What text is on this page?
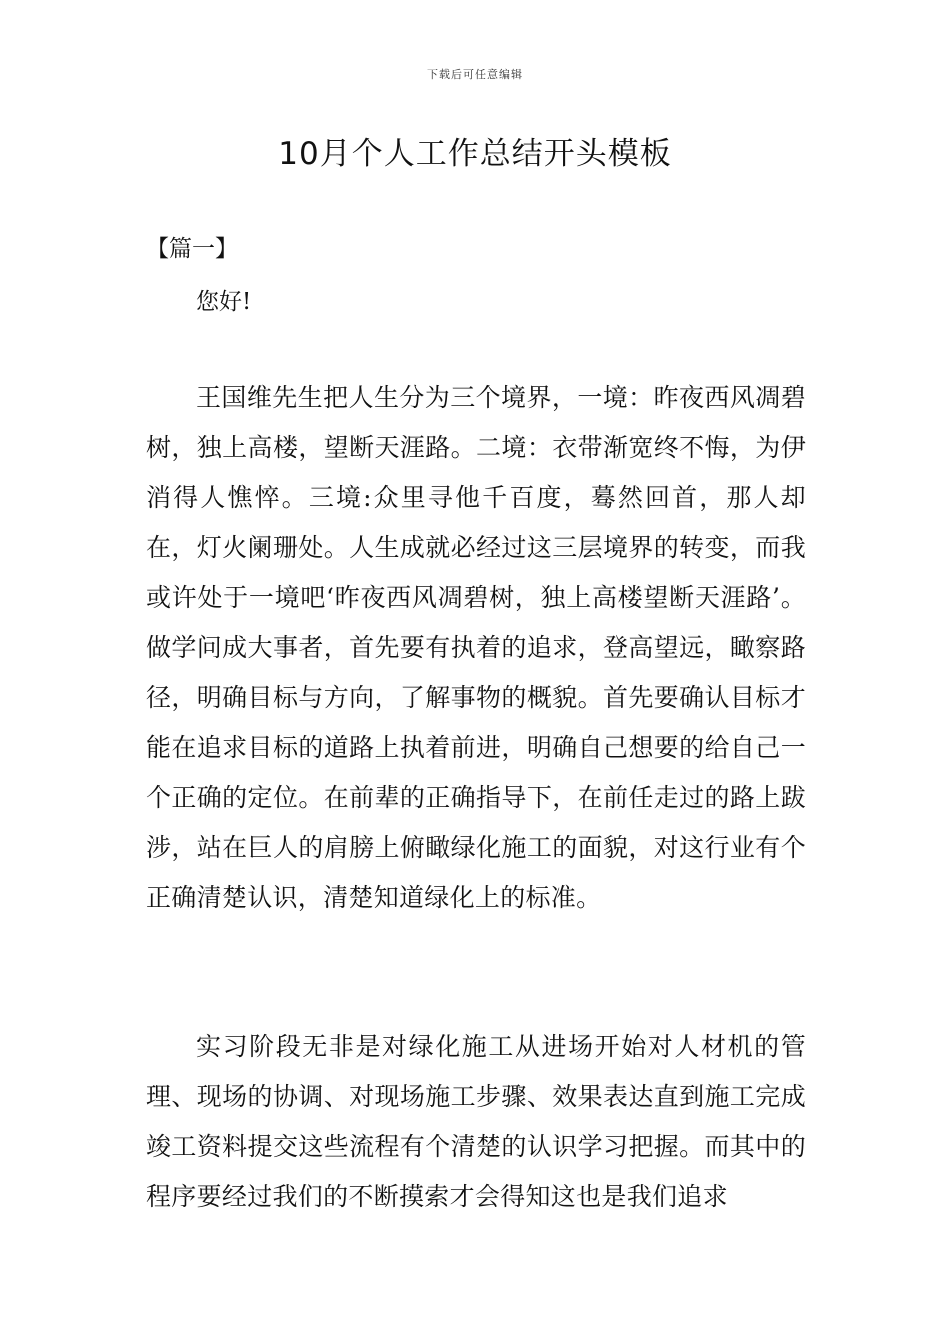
下载后可任意编辑
10月个人工作总结开头模板
【篇一】
您好!

王国维先生把人生分为三个境界，一境：昨夜西风凋碧树，独上高楼，望断天涯路。二境：衣带渐宽终不悔，为伊消得人憔悴。三境:众里寻他千百度，蓦然回首，那人却在，灯火阑珊处。人生成就必经过这三层境界的转变，而我或许处于一境吧‘昨夜西风凋碧树，独上高楼望断天涯路’。做学问成大事者，首先要有执着的追求，登高望远，瞰察路径，明确目标与方向，了解事物的概貌。首先要确认目标才能在追求目标的道路上执着前进，明确自己想要的给自己一个正确的定位。在前辈的正确指导下，在前任走过的路上跋涉，站在巨人的肩膀上俯瞰绿化施工的面貌，对这行业有个正确清楚认识，清楚知道绿化上的标准。

实习阶段无非是对绿化施工从进场开始对人材机的管理、现场的协调、对现场施工步骤、效果表达直到施工完成竣工资料提交这些流程有个清楚的认识学习把握。而其中的程序要经过我们的不断摸索才会得知这也是我们追求
